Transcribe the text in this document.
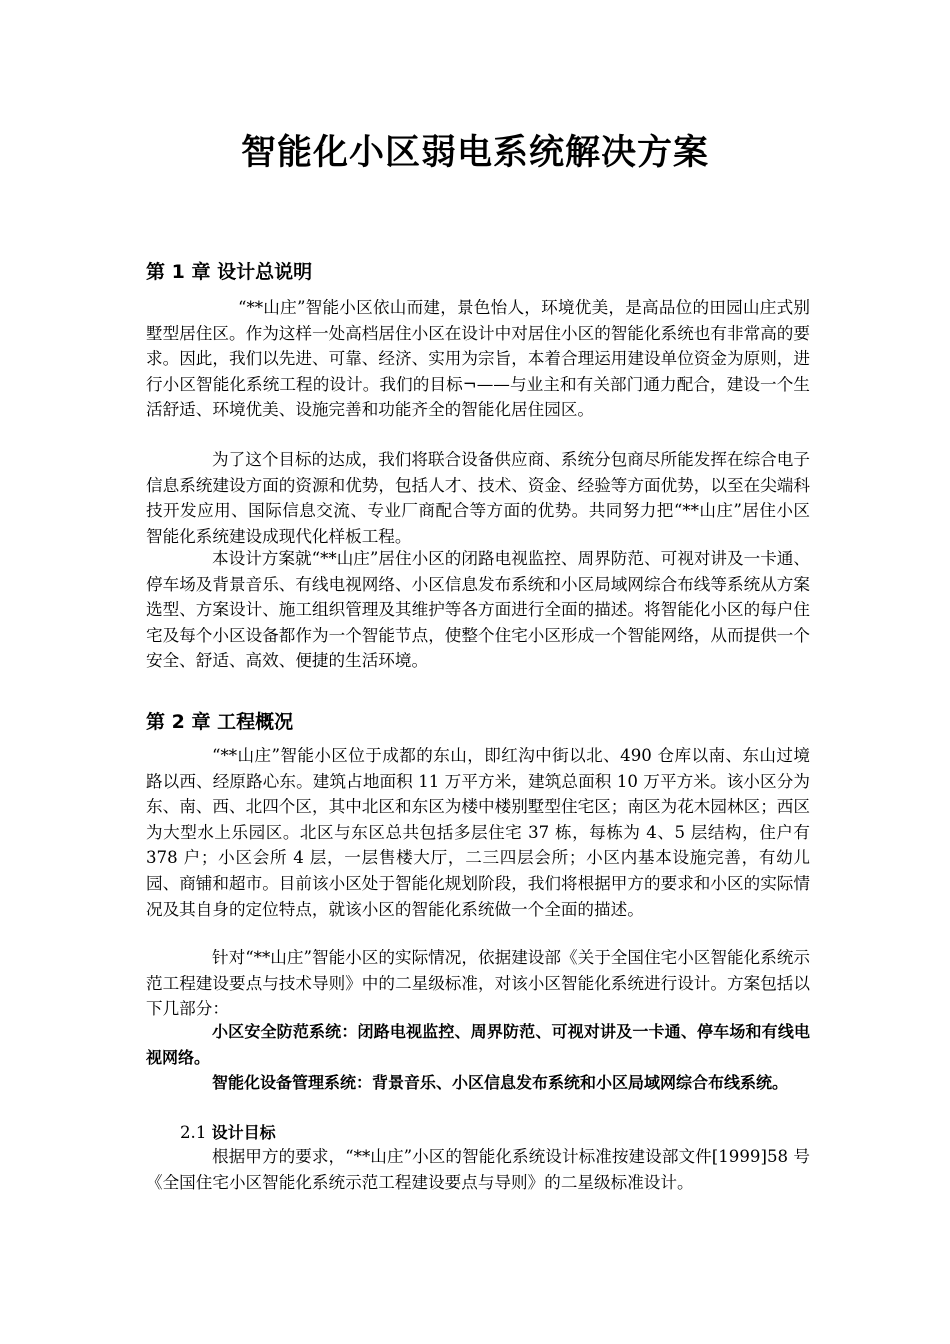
智能化小区弱电系统解决方案
第 1 章 设计总说明

“**山庄”智能小区依山而建，景色怡人，环境优美，是高品位的田园山庄式别墅型居住区。作为这样一处高档居住小区在设计中对居住小区的智能化系统也有非常高的要求。因此，我们以先进、可靠、经济、实用为宗旨，本着合理运用建设单位资金为原则，进行小区智能化系统工程的设计。我们的目标¬——与业主和有关部门通力配合，建设一个生活舒适、环境优美、设施完善和功能齐全的智能化居住园区。

为了这个目标的达成，我们将联合设备供应商、系统分包商尽所能发挥在综合电子信息系统建设方面的资源和优势，包括人才、技术、资金、经验等方面优势，以至在尖端科技开发应用、国际信息交流、专业厂商配合等方面的优势。共同努力把“**山庄”居住小区智能化系统建设成现代化样板工程。

本设计方案就“**山庄”居住小区的闭路电视监控、周界防范、可视对讲及一卡通、停车场及背景音乐、有线电视网络、小区信息发布系统和小区局域网综合布线等系统从方案选型、方案设计、施工组织管理及其维护等各方面进行全面的描述。将智能化小区的每户住宅及每个小区设备都作为一个智能节点，使整个住宅小区形成一个智能网络，从而提供一个安全、舒适、高效、便捷的生活环境。

第 2 章 工程概况

“**山庄”智能小区位于成都的东山，即红沟中街以北、490 仓库以南、东山过境路以西、经原路心东。建筑占地面积 11 万平方米，建筑总面积 10 万平方米。该小区分为东、南、西、北四个区，其中北区和东区为楼中楼别墅型住宅区；南区为花木园林区；西区为大型水上乐园区。北区与东区总共包括多层住宅 37 栋，每栋为 4、5 层结构，住户有 378 户；小区会所 4 层，一层售楼大厅，二三四层会所；小区内基本设施完善，有幼儿园、商铺和超市。目前该小区处于智能化规划阶段，我们将根据甲方的要求和小区的实际情况及其自身的定位特点，就该小区的智能化系统做一个全面的描述。

针对“**山庄”智能小区的实际情况，依据建设部《关于全国住宅小区智能化系统示范工程建设要点与技术导则》中的二星级标准，对该小区智能化系统进行设计。方案包括以下几部分：

小区安全防范系统：闭路电视监控、周界防范、可视对讲及一卡通、停车场和有线电视网络。

智能化设备管理系统：背景音乐、小区信息发布系统和小区局域网综合布线系统。

2.1 设计目标

根据甲方的要求，“**山庄”小区的智能化系统设计标准按建设部文件[1999]58 号《全国住宅小区智能化系统示范工程建设要点与导则》的二星级标准设计。
